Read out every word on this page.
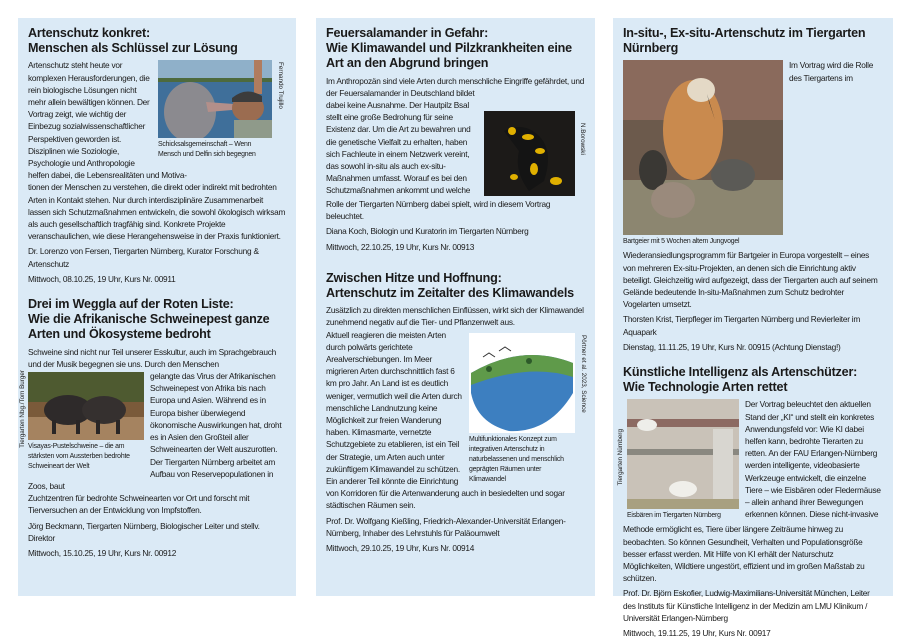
Artenschutz konkret:
Menschen als Schlüssel zur Lösung
Schicksalsgemeinschaft – Wenn Mensch und Delfin sich begegnen
Fernando Trujillo

Artenschutz steht heute vor komplexen Herausforderungen, die rein biologische Lösungen nicht mehr allein bewältigen können. Der Vortrag zeigt, wie wichtig der Einbezug sozialwissenschaftlicher Perspektiven geworden ist. Disziplinen wie Soziologie, Psychologie und Anthropologie helfen dabei, die Lebensrealitäten und Motiva-

tionen der Menschen zu verstehen, die direkt oder indirekt mit bedrohten Arten in Kontakt stehen. Nur durch interdisziplinäre Zusammenarbeit lassen sich Schutzmaßnahmen entwickeln, die sowohl ökologisch wirksam als auch gesellschaftlich tragfähig sind. Konkrete Projekte veranschaulichen, wie diese Herangehensweise in der Praxis funktioniert.

Dr. Lorenzo von Fersen, Tiergarten Nürnberg, Kurator Forschung & Artenschutz

Mittwoch, 08.10.25, 19 Uhr, Kurs Nr. 00911

Drei im Weggla auf der Roten Liste:
Wie die Afrikanische Schweinepest ganze
Arten und Ökosysteme bedroht

Schweine sind nicht nur Teil unserer Esskultur, auch im Sprachgebrauch und der Musik begegnen sie uns. Durch den Menschen

Visayas-Pustelschweine – die am stärksten vom Aussterben bedrohte Schweineart der Welt
Tiergarten Nbg./Tom Burger	gelangte das Virus der Afrikanischen Schweinepest von Afrika bis nach Europa und Asien. Während es in Europa bisher überwiegend ökonomische Auswirkungen hat, droht es in Asien den Großteil aller Schweinearten der Welt auszurotten. Der Tiergarten Nürnberg arbeitet am Aufbau von Reservepopulationen in Zoos, baut

Zuchtzentren für bedrohte Schweinearten vor Ort und forscht mit Tierversuchen an der Entwicklung von Impfstoffen.

Jörg Beckmann, Tiergarten Nürnberg, Biologischer Leiter und stellv. Direktor

Mittwoch, 15.10.25, 19 Uhr, Kurs Nr. 00912

Feuersalamander in Gefahr:
Wie Klimawandel und Pilzkrankheiten eine
Art an den Abgrund bringen

Im Anthropozän sind viele Arten durch menschliche Eingriffe gefährdet, und der Feuersalamander in Deutschland bildet

N.Borowski

dabei keine Ausnahme. Der Hautpilz Bsal stellt eine große Bedrohung für seine Existenz dar. Um die Art zu bewahren und die genetische Vielfalt zu erhalten, haben sich Fachleute in einem Netzwerk vereint, das sowohl in-situ als auch ex-situ-Maßnahmen umfasst. Worauf es bei den Schutzmaßnahmen ankommt und welche

Rolle der Tiergarten Nürnberg dabei spielt, wird in diesem Vortrag beleuchtet.

Diana Koch, Biologin und Kuratorin im Tiergarten Nürnberg

Mittwoch, 22.10.25, 19 Uhr, Kurs Nr. 00913

Zwischen Hitze und Hoffnung:
Artenschutz im Zeitalter des Klimawandels

Zusätzlich zu direkten menschlichen Einflüssen, wirkt sich der Klimawandel zunehmend negativ auf die Tier- und Pflanzenwelt aus.

Multifunktionales Konzept zum integrativen Artenschutz in naturbelassenen und menschlich geprägten Räumen unter Klimawandel
Pörtner et al. 2023, Science

Aktuell reagieren die meisten Arten durch polwärts gerichtete Arealverschiebungen. Im Meer migrieren Arten durchschnittlich fast 6 km pro Jahr. An Land ist es deutlich weniger, vermutlich weil die Arten durch menschliche Landnutzung keine Möglichkeit zur freien Wanderung haben. Klimasmarte, vernetzte Schutzgebiete zu etablieren, ist ein Teil der Strategie, um Arten auch unter zukünftigem Klimawandel zu schützen. Ein anderer Teil könnte die Einrichtung

von Korridoren für die Artenwanderung auch in besiedelten und sogar städtischen Räumen sein.

Prof. Dr. Wolfgang Kießling, Friedrich-Alexander-Universität Erlangen-Nürnberg, Inhaber des Lehrstuhls für Paläoumwelt

Mittwoch, 29.10.25, 19 Uhr, Kurs Nr. 00914

In-situ-, Ex-situ-Artenschutz im Tiergarten
Nürnberg
Bartgeier mit 5 Wochen altem Jungvogel

Im Vortrag wird die Rolle des Tiergartens im Wiederansiedlungsprogramm für Bartgeier in Europa vorgestellt – eines von mehreren Ex-situ-Projekten, an denen sich die Einrichtung aktiv beteiligt. Gleichzeitig wird aufgezeigt, dass der Tiergarten auch auf seinem Gelände bedeutende In-situ-Maßnahmen zum Schutz bedrohter Vogelarten umsetzt.

Thorsten Krist, Tierpfleger im Tiergarten Nürnberg und Revierleiter im Aquapark

Dienstag, 11.11.25, 19 Uhr, Kurs Nr. 00915 (Achtung Dienstag!)

Künstliche Intelligenz als Artenschützer:
Wie Technologie Arten rettet
Eisbären im Tiergarten Nürnberg
Tiergarten Nürnberg

Der Vortrag beleuchtet den aktuellen Stand der „KI“ und stellt ein konkretes Anwendungsfeld vor: Wie KI dabei helfen kann, bedrohte Tierarten zu retten. An der FAU Erlangen-Nürnberg werden intelligente, videobasierte Werkzeuge entwickelt, die einzelne Tiere – wie Eisbären oder Fledermäuse – allein anhand ihrer Bewegungen erkennen können. Diese nicht-invasive

Methode ermöglicht es, Tiere über längere Zeiträume hinweg zu beobachten. So können Gesundheit, Verhalten und Populationsgröße besser erfasst werden. Mit Hilfe von KI erhält der Naturschutz Möglichkeiten, Wildtiere ungestört, effizient und im großen Maßstab zu schützen.

Prof. Dr. Björn Eskofier, Ludwig-Maximilians-Universität München, Leiter des Instituts für Künstliche Intelligenz in der Medizin am LMU Klinikum / Universität Erlangen-Nürnberg

Mittwoch, 19.11.25, 19 Uhr, Kurs Nr. 00917
